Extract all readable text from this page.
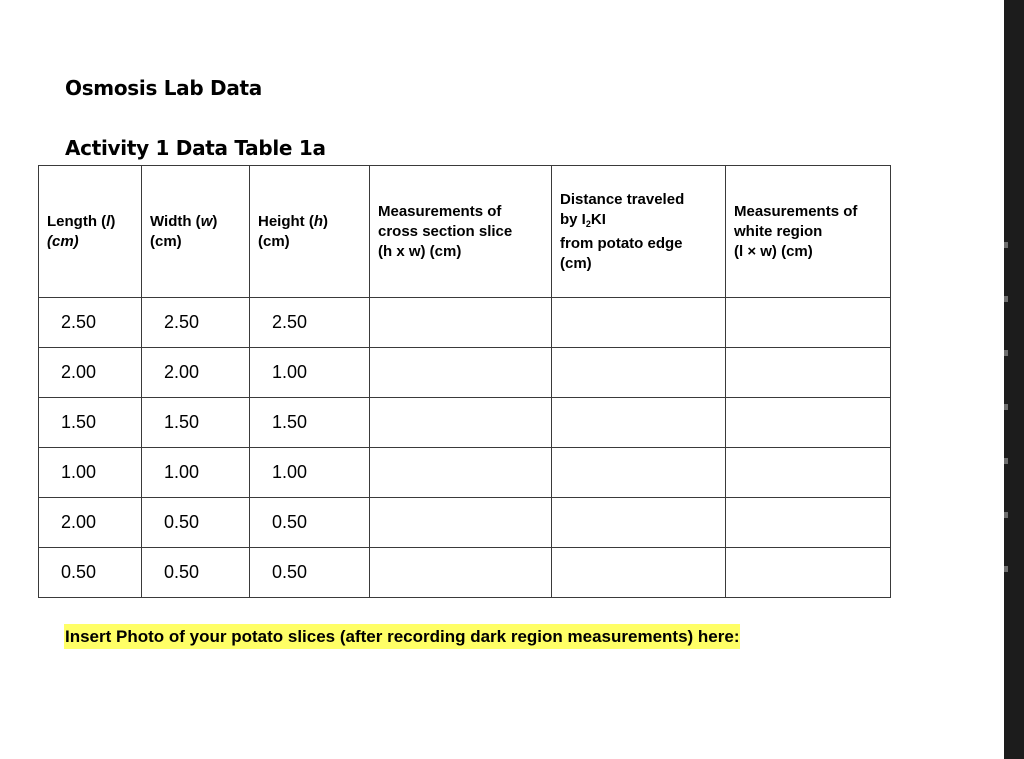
Osmosis Lab Data
Activity 1 Data Table 1a
Length (l)
(cm)	Width (w)
(cm)	Height (h)
(cm)	Measurements of
cross section slice
(h x w) (cm)	Distance traveled
by $I_2KI$
from potato edge
(cm)	Measurements of
white region
(l × w) (cm)
2.50	2.50	2.50			
2.00	2.00	1.00			
1.50	1.50	1.50			
1.00	1.00	1.00			
2.00	0.50	0.50			
0.50	0.50	0.50			
Insert Photo of your potato slices (after recording dark region measurements) here:
